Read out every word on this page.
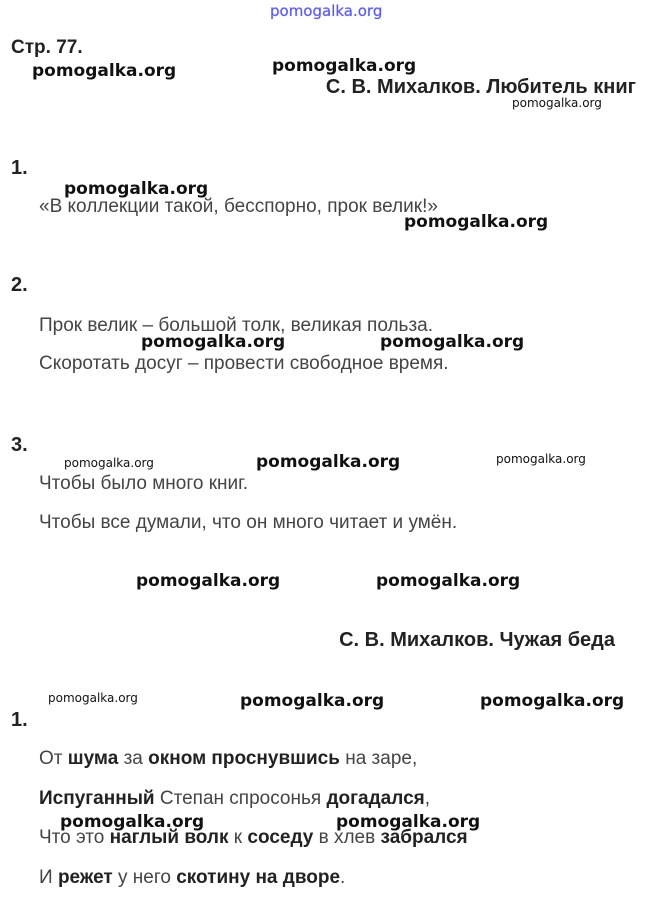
pomogalka.org
Стр. 77.
pomogalka.org	pomogalka.org
С. В. Михалков. Любитель книг
pomogalka.org
1.
«В коллекции такой, бесспорно, прок велик!»
pomogalka.org
pomogalka.org
2.
Прок велик – большой толк, великая польза.
Скоротать досуг – провести свободное время.
pomogalka.org	pomogalka.org
3.
pomogalka.org	pomogalka.org	pomogalka.org
Чтобы было много книг.
Чтобы все думали, что он много читает и умён.
pomogalka.org	pomogalka.org
С. В. Михалков. Чужая беда
pomogalka.org	pomogalka.org	pomogalka.org
1.
От шума за окном проснувшись на заре,
Испуганный Степан спросонья догадался,
Что это наглый волк к соседу в хлев забрался
И режет у него скотину на дворе.
pomogalka.org	pomogalka.org
